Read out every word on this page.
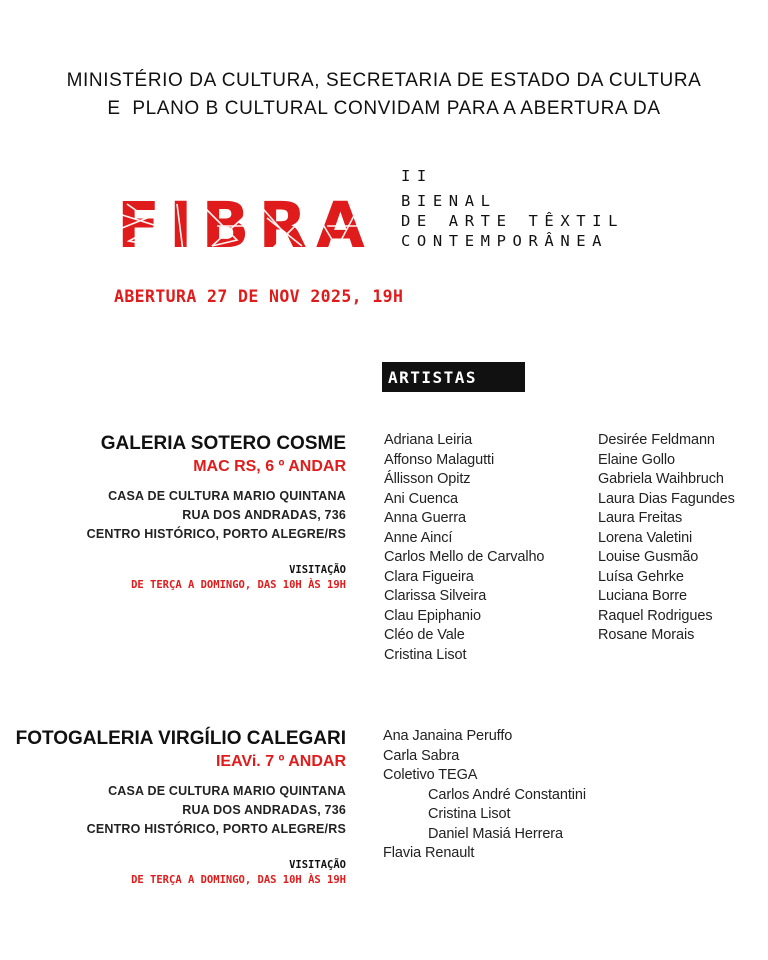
MINISTÉRIO DA CULTURA, SECRETARIA DE ESTADO DA CULTURA
E  PLANO B CULTURAL CONVIDAM PARA A ABERTURA DA
FIBRA
II
BIENAL
DE ARTE TÊXTIL
CONTEMPORÂNEA
ABERTURA 27 DE NOV 2025, 19H
ARTISTAS
GALERIA SOTERO COSME
MAC RS, 6 º ANDAR
CASA DE CULTURA MARIO QUINTANA
RUA DOS ANDRADAS, 736
CENTRO HISTÓRICO, PORTO ALEGRE/RS
VISITAÇÃO
DE TERÇA A DOMINGO, DAS 10H ÀS 19H
Adriana Leiria
Affonso Malagutti
Állisson Opitz
Ani Cuenca
Anna Guerra
Anne Aincí
Carlos Mello de Carvalho
Clara Figueira
Clarissa Silveira
Clau Epiphanio
Cléo de Vale
Cristina Lisot
Desirée Feldmann
Elaine Gollo
Gabriela Waihbruch
Laura Dias Fagundes
Laura Freitas
Lorena Valetini
Louise Gusmão
Luísa Gehrke
Luciana Borre
Raquel Rodrigues
Rosane Morais
FOTOGALERIA VIRGÍLIO CALEGARI
IEAVi. 7 º ANDAR
CASA DE CULTURA MARIO QUINTANA
RUA DOS ANDRADAS, 736
CENTRO HISTÓRICO, PORTO ALEGRE/RS
VISITAÇÃO
DE TERÇA A DOMINGO, DAS 10H ÀS 19H
Ana Janaina Peruffo
Carla Sabra
Coletivo TEGA
Carlos André Constantini
Cristina Lisot
Daniel Masiá Herrera
Flavia Renault
